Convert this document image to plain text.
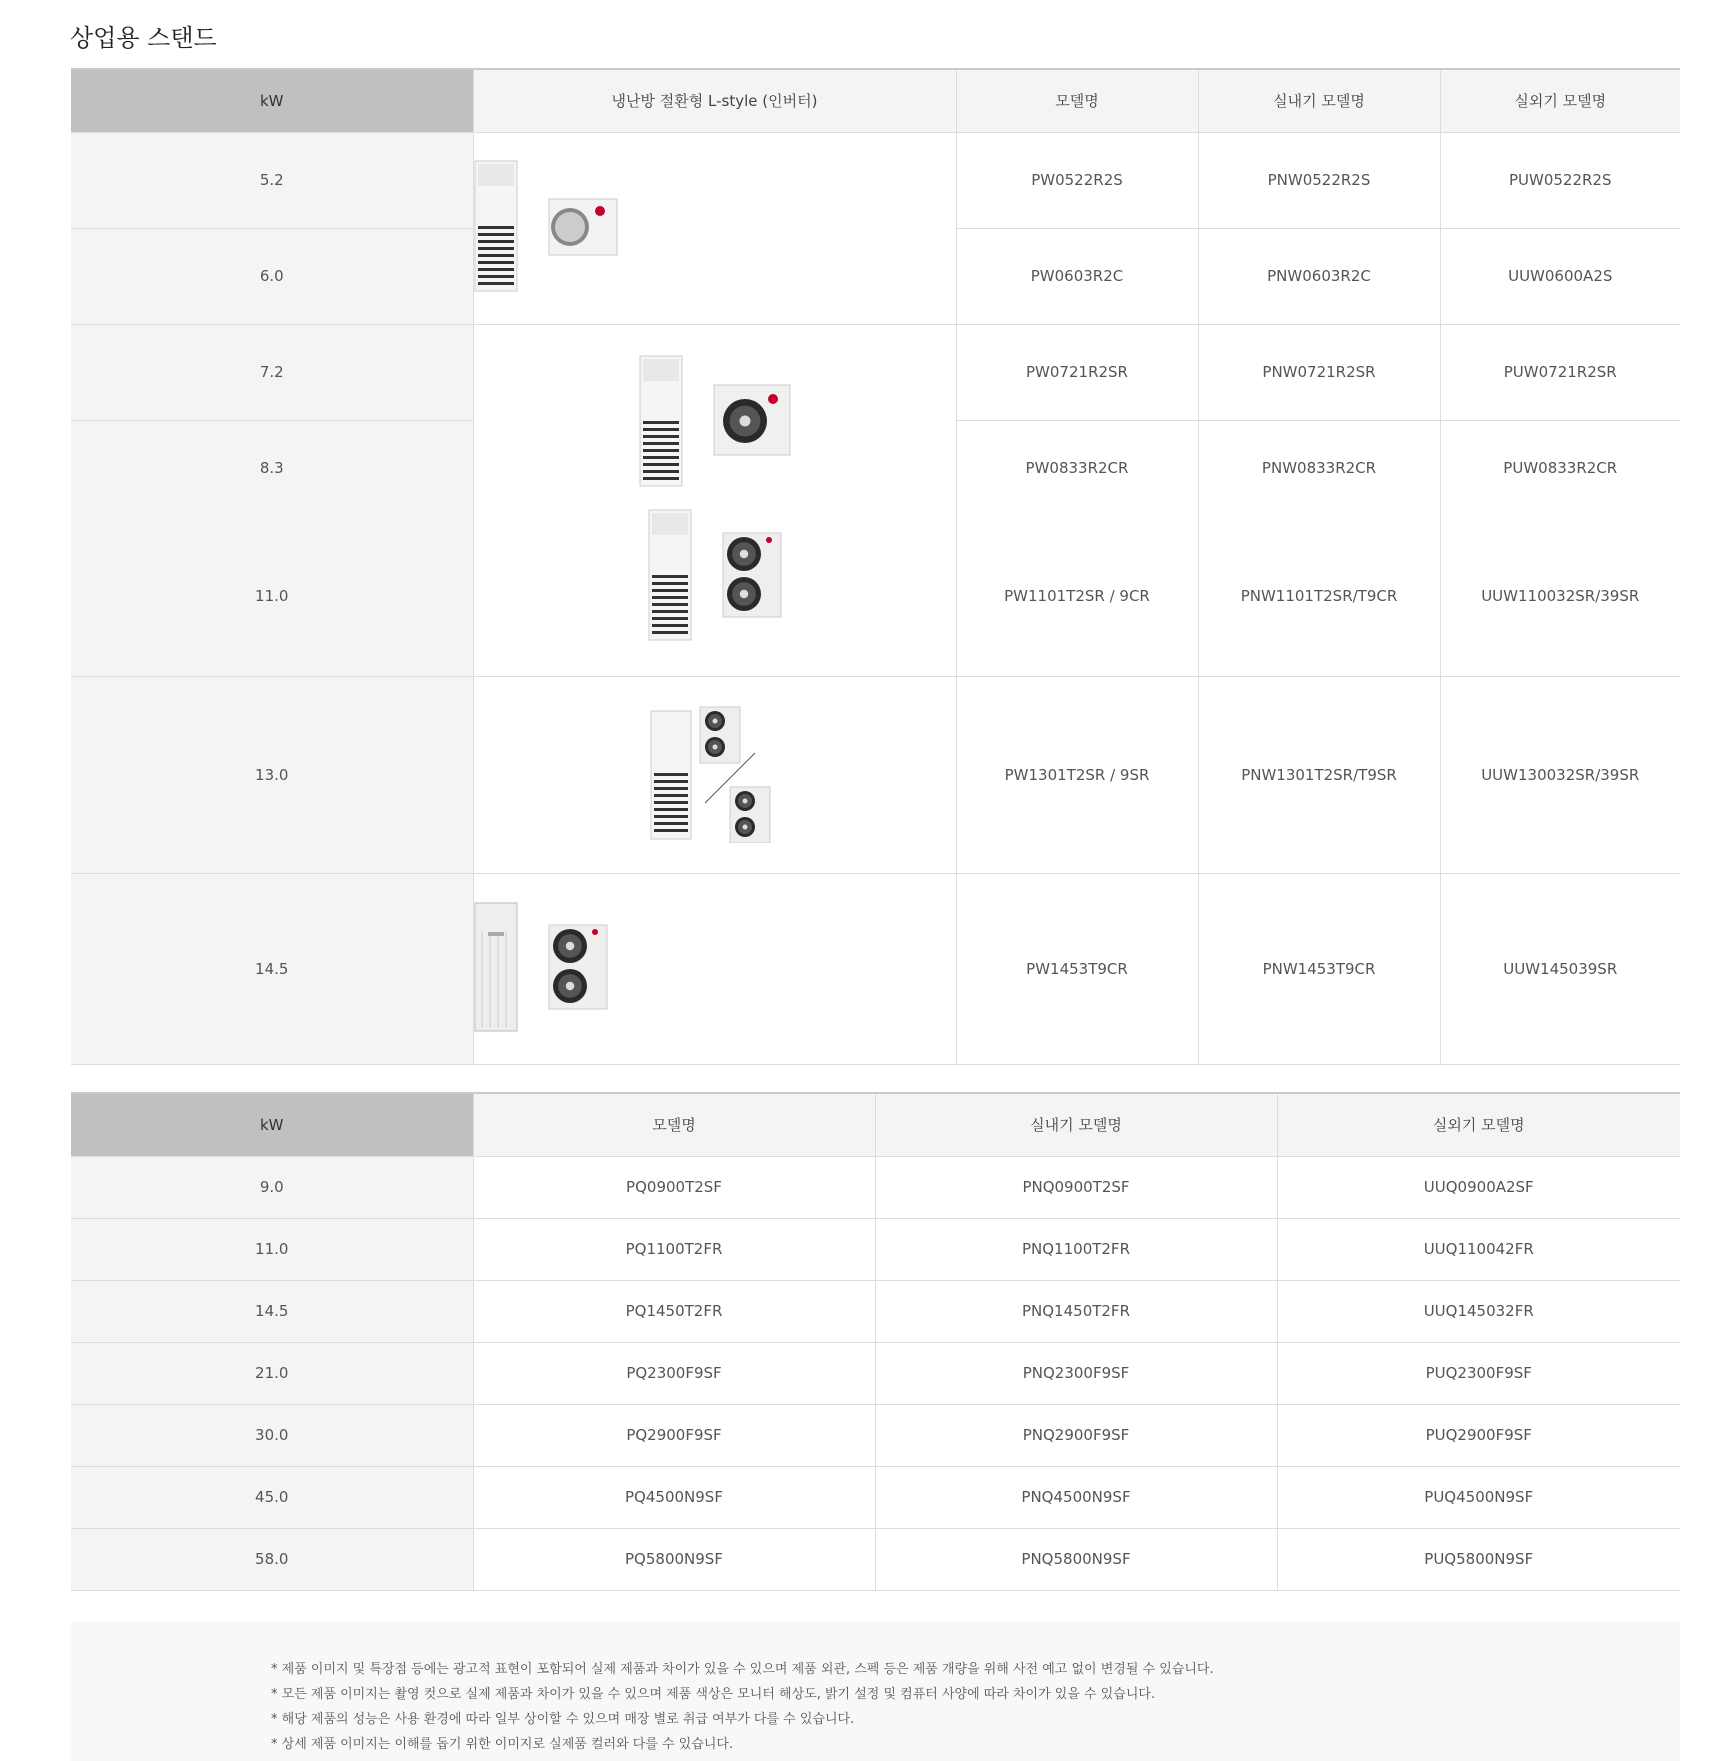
상업용 스탠드
kW	냉난방 절환형 L-style (인버터)	모델명	실내기 모델명	실외기 모델명
5.2		PW0522R2S	PNW0522R2S	PUW0522R2S
6.0		PW0603R2C	PNW0603R2C	UUW0600A2S
7.2		PW0721R2SR	PNW0721R2SR	PUW0721R2SR
8.3		PW0833R2CR	PNW0833R2CR	PUW0833R2CR
11.0		PW1101T2SR / 9CR	PNW1101T2SR/T9CR	UUW110032SR/39SR
13.0		PW1301T2SR / 9SR	PNW1301T2SR/T9SR	UUW130032SR/39SR
14.5		PW1453T9CR	PNW1453T9CR	UUW145039SR
kW	모델명	실내기 모델명	실외기 모델명
9.0	PQ0900T2SF	PNQ0900T2SF	UUQ0900A2SF
11.0	PQ1100T2FR	PNQ1100T2FR	UUQ110042FR
14.5	PQ1450T2FR	PNQ1450T2FR	UUQ145032FR
21.0	PQ2300F9SF	PNQ2300F9SF	PUQ2300F9SF
30.0	PQ2900F9SF	PNQ2900F9SF	PUQ2900F9SF
45.0	PQ4500N9SF	PNQ4500N9SF	PUQ4500N9SF
58.0	PQ5800N9SF	PNQ5800N9SF	PUQ5800N9SF

* 제품 이미지 및 특장점 등에는 광고적 표현이 포함되어 실제 제품과 차이가 있을 수 있으며 제품 외관, 스펙 등은 제품 개량을 위해 사전 예고 없이 변경될 수 있습니다.

* 모든 제품 이미지는 촬영 컷으로 실제 제품과 차이가 있을 수 있으며 제품 색상은 모니터 해상도, 밝기 설정 및 컴퓨터 사양에 따라 차이가 있을 수 있습니다.

* 해당 제품의 성능은 사용 환경에 따라 일부 상이할 수 있으며 매장 별로 취급 여부가 다를 수 있습니다.

* 상세 제품 이미지는 이해를 돕기 위한 이미지로 실제품 컬러와 다를 수 있습니다.
